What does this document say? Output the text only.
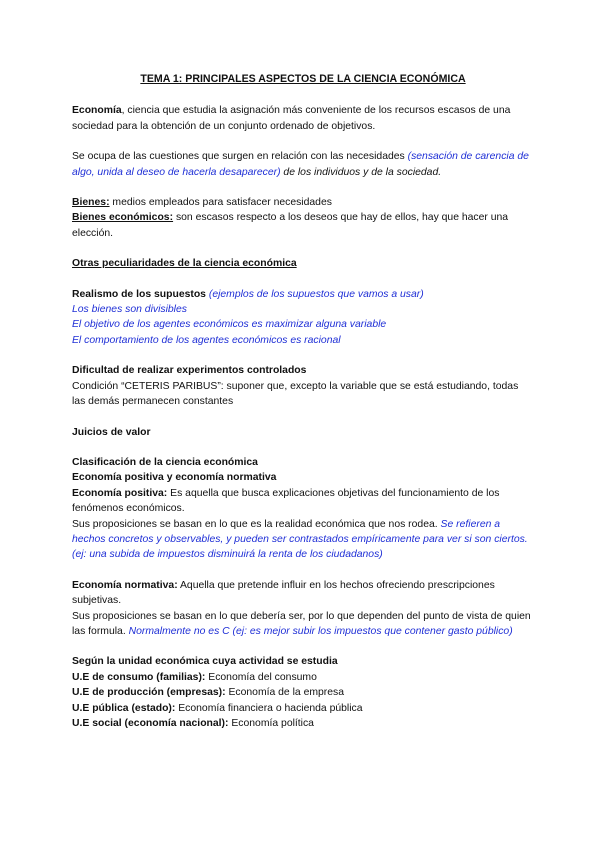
TEMA 1: PRINCIPALES ASPECTOS DE LA CIENCIA ECONÓMICA

Economía, ciencia que estudia la asignación más conveniente de los recursos escasos de una sociedad para la obtención de un conjunto ordenado de objetivos.

Se ocupa de las cuestiones que surgen en relación con las necesidades (sensación de carencia de algo, unida al deseo de hacerla desaparecer) de los individuos y de la sociedad.

Bienes: medios empleados para satisfacer necesidades

Bienes económicos: son escasos respecto a los deseos que hay de ellos, hay que hacer una elección.

Otras peculiaridades de la ciencia económica

Realismo de los supuestos (ejemplos de los supuestos que vamos a usar)

Los bienes son divisibles

El objetivo de los agentes económicos es maximizar alguna variable

El comportamiento de los agentes económicos es racional

Dificultad de realizar experimentos controlados

Condición “CETERIS PARIBUS”: suponer que, excepto la variable que se está estudiando, todas las demás permanecen constantes

Juicios de valor

Clasificación de la ciencia económica

Economía positiva y economía normativa

Economía positiva: Es aquella que busca explicaciones objetivas del funcionamiento de los fenómenos económicos.

Sus proposiciones se basan en lo que es la realidad económica que nos rodea. Se refieren a hechos concretos y observables, y pueden ser contrastados empíricamente para ver si son ciertos. (ej: una subida de impuestos disminuirá la renta de los ciudadanos)

Economía normativa: Aquella que pretende influir en los hechos ofreciendo prescripciones subjetivas.

Sus proposiciones se basan en lo que debería ser, por lo que dependen del punto de vista de quien las formula. Normalmente no es C (ej: es mejor subir los impuestos que contener gasto público)

Según la unidad económica cuya actividad se estudia

U.E de consumo (familias): Economía del consumo

U.E de producción (empresas): Economía de la empresa

U.E pública (estado): Economía financiera o hacienda pública

U.E social (economía nacional): Economía política
